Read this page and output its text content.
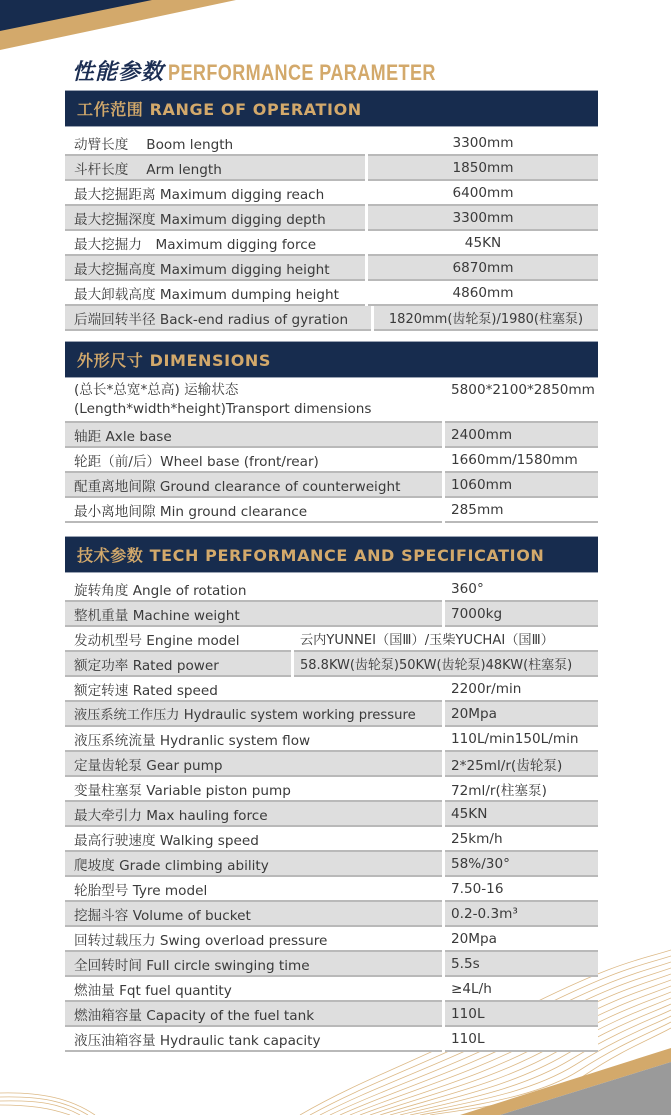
性能参数 PERFORMANCE PARAMETER
工作范围 RANGE OF OPERATION
动臂长度　 Boom length	3300mm
斗杆长度　 Arm length	1850mm
最大挖掘距离 Maximum digging reach	6400mm
最大挖掘深度 Maximum digging depth	3300mm
最大挖掘力　Maximum digging force	45KN
最大挖掘高度 Maximum digging height	6870mm
最大卸载高度 Maximum dumping height	4860mm
后端回转半径 Back-end radius of gyration	1820mm(齿轮泵)/1980(柱塞泵)
外形尺寸 DIMENSIONS
(总长*总宽*总高) 运输状态
(Length*width*height)Transport dimensions
5800*2100*2850mm
轴距 Axle base	2400mm
轮距（前/后）Wheel base (front/rear)	1660mm/1580mm
配重离地间隙 Ground clearance of counterweight	1060mm
最小离地间隙 Min ground clearance	285mm
技术参数 TECH PERFORMANCE AND SPECIFICATION
旋转角度 Angle of rotation	360°
整机重量 Machine weight	7000kg
发动机型号 Engine model	云内YUNNEI（国Ⅲ）/玉柴YUCHAI（国Ⅲ）
额定功率 Rated power	58.8KW(齿轮泵)50KW(齿轮泵)48KW(柱塞泵)
额定转速 Rated speed	2200r/min
液压系统工作压力 Hydraulic system working pressure	20Mpa
液压系统流量 Hydranlic system flow	110L/min150L/min
定量齿轮泵 Gear pump	2*25ml/r(齿轮泵)
变量柱塞泵 Variable piston pump	72ml/r(柱塞泵)
最大牵引力 Max hauling force	45KN
最高行驶速度 Walking speed	25km/h
爬坡度 Grade climbing ability	58%/30°
轮胎型号 Tyre model	7.50-16
挖掘斗容 Volume of bucket	0.2-0.3m³
回转过载压力 Swing overload pressure	20Mpa
全回转时间 Full circle swinging time	5.5s
燃油量 Fqt fuel quantity	≥4L/h
燃油箱容量 Capacity of the fuel tank	110L
液压油箱容量 Hydraulic tank capacity	110L
